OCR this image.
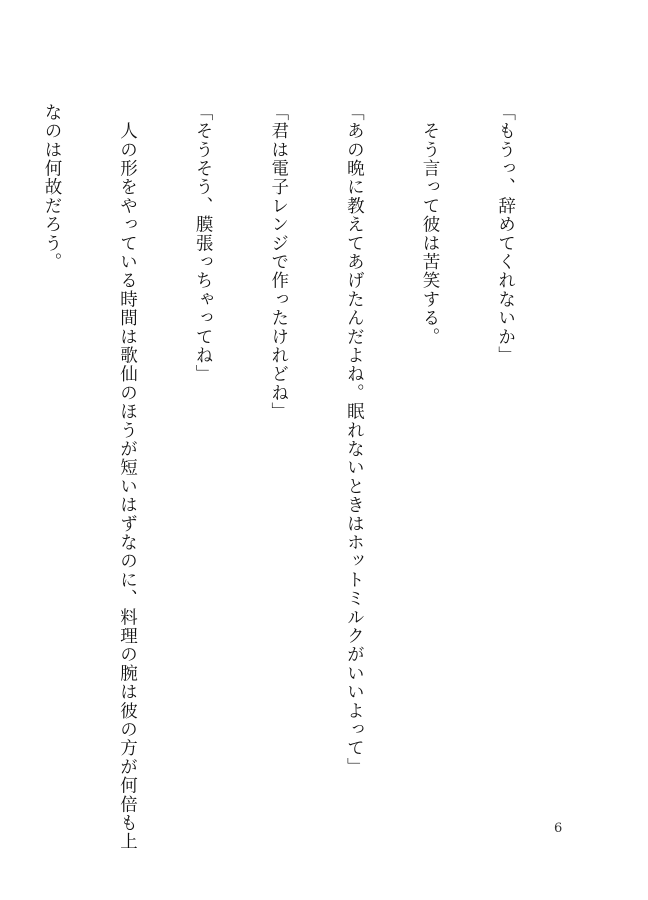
「もうっ、辞めてくれないか」

　そう言って彼は苦笑する。

「あの晩に教えてあげたんだよね。眠れないときはホットミルクがいいよって」

「君は電子レンジで作ったけれどね」

「そうそう、膜張っちゃってね」

　人の形をやっている時間は歌仙のほうが短いはずなのに、料理の腕は彼の方が何倍も上

なのは何故だろう。

6
